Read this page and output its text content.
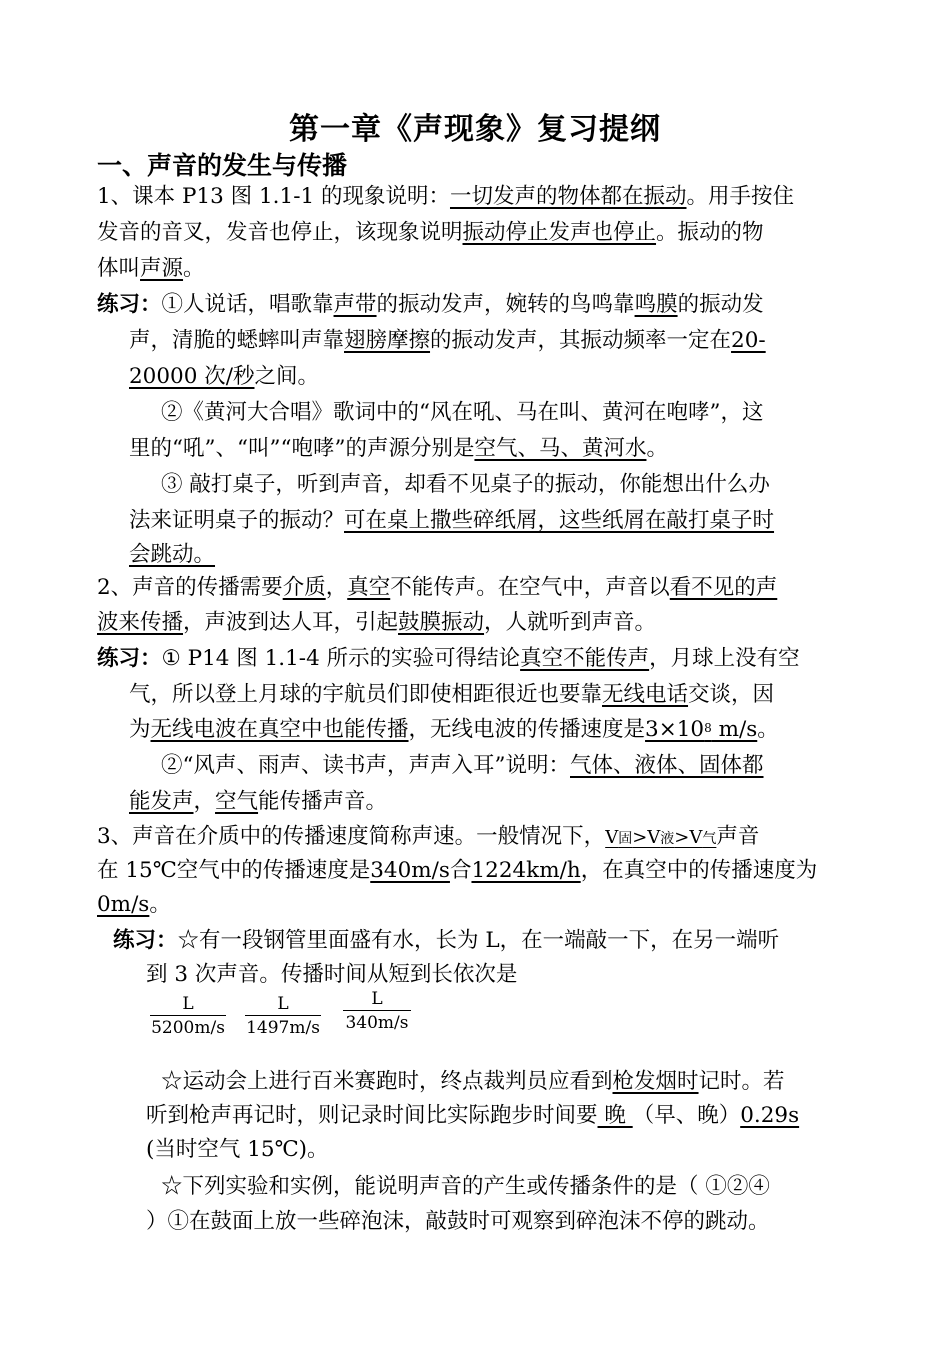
第一章《声现象》复习提纲
一、声音的发生与传播
1、课本 P13 图 1.1-1 的现象说明：一切发声的物体都在振动。用手按住
发音的音叉，发音也停止，该现象说明振动停止发声也停止。振动的物
体叫声源。
练习：①人说话，唱歌靠声带的振动发声，婉转的鸟鸣靠鸣膜的振动发
声，清脆的蟋蟀叫声靠翅膀摩擦的振动发声，其振动频率一定在20-
20000 次/秒之间。
②《黄河大合唱》歌词中的“风在吼、马在叫、黄河在咆哮”，这
里的“吼”、“叫”“咆哮”的声源分别是空气、马、黄河水。
③ 敲打桌子，听到声音，却看不见桌子的振动，你能想出什么办
法来证明桌子的振动？可在桌上撒些碎纸屑，这些纸屑在敲打桌子时
会跳动。
2、声音的传播需要介质，真空不能传声。在空气中，声音以看不见的声
波来传播，声波到达人耳，引起鼓膜振动，人就听到声音。
练习：① P14 图 1.1-4 所示的实验可得结论真空不能传声，月球上没有空
气，所以登上月球的宇航员们即使相距很近也要靠无线电话交谈，因
为无线电波在真空中也能传播，无线电波的传播速度是$3\times 10^8$ m/s。
②“风声、雨声、读书声，声声入耳”说明：气体、液体、固体都
能发声，空气能传播声音。
3、声音在介质中的传播速度简称声速。一般情况下，V固>V液>V气声音
在 15℃空气中的传播速度是340m/s合1224km/h，在真空中的传播速度为
0m/s。
练习：☆有一段钢管里面盛有水，长为 L，在一端敲一下，在另一端听
到 3 次声音。传播时间从短到长依次是
$\frac{L}{5200m/s} \frac{L}{1497m/s} \frac{L}{340m/s}$
☆运动会上进行百米赛跑时，终点裁判员应看到枪发烟时记时。若
听到枪声再记时，则记录时间比实际跑步时间要 晚 （早、晚）0.29s
(当时空气 15℃)。
☆下列实验和实例，能说明声音的产生或传播条件的是（ ①②④
）①在鼓面上放一些碎泡沫，敲鼓时可观察到碎泡沫不停的跳动。
